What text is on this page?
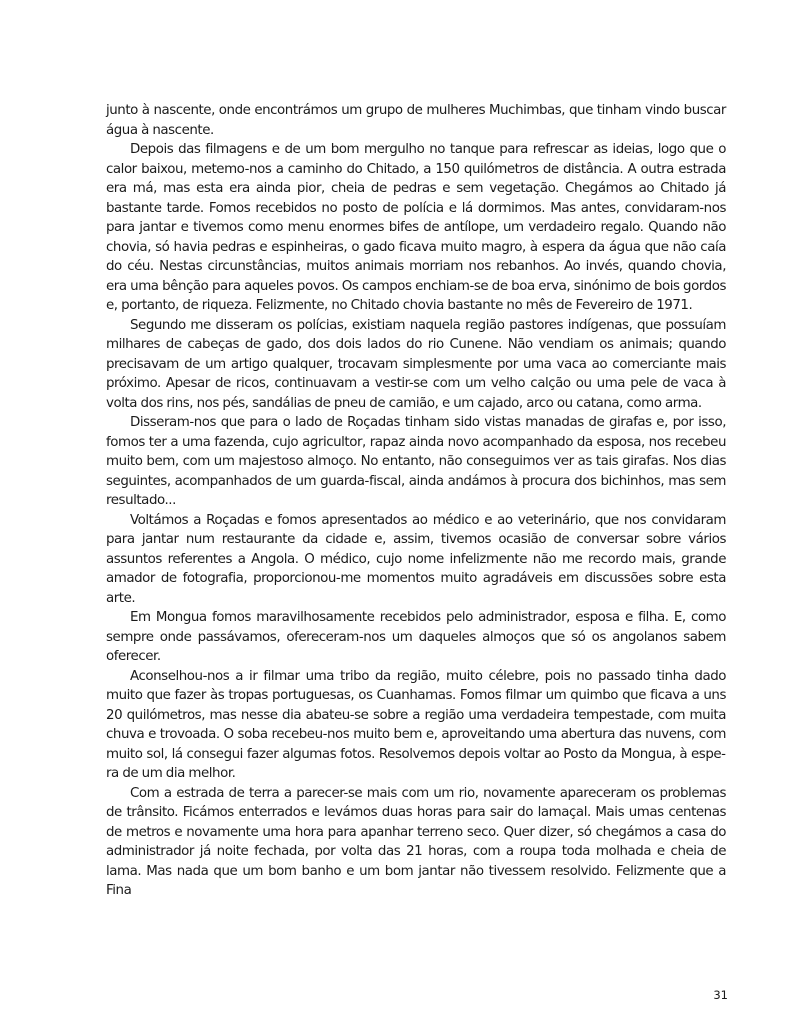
junto à nascente, onde encontrámos um grupo de mulheres Muchimbas, que tinham vindo buscar água à nascente.

Depois das filmagens e de um bom mergulho no tanque para refrescar as ideias, logo que o calor baixou, metemo-nos a caminho do Chitado, a 150 quilómetros de distância. A outra estrada era má, mas esta era ainda pior, cheia de pedras e sem vegetação. Chegámos ao Chitado já bastante tarde. Fomos recebidos no posto de polícia e lá dormimos. Mas antes, convidaram-nos para jantar e tivemos como menu enormes bifes de antílope, um verdadeiro regalo. Quando não chovia, só havia pedras e espinheiras, o gado ficava muito magro, à espera da água que não caía do céu. Nestas circunstâncias, muitos animais morriam nos rebanhos. Ao invés, quando chovia, era uma bênção para aqueles povos. Os campos enchiam-se de boa erva, sinónimo de bois gordos e, portanto, de riqueza. Felizmente, no Chitado chovia bastante no mês de Fevereiro de 1971.

Segundo me disseram os polícias, existiam naquela região pastores indígenas, que possuíam milhares de cabeças de gado, dos dois lados do rio Cunene. Não vendiam os animais; quando precisavam de um artigo qualquer, trocavam simplesmente por uma vaca ao comerciante mais próximo. Apesar de ricos, continuavam a vestir-se com um velho calção ou uma pele de vaca à volta dos rins, nos pés, sandálias de pneu de camião, e um cajado, arco ou catana, como arma.

Disseram-nos que para o lado de Roçadas tinham sido vistas manadas de girafas e, por isso, fomos ter a uma fazenda, cujo agricultor, rapaz ainda novo acompanhado da esposa, nos recebeu muito bem, com um majestoso almoço. No entanto, não conseguimos ver as tais girafas. Nos dias seguintes, acompanhados de um guarda-fiscal, ainda andámos à procura dos bichinhos, mas sem resultado...

Voltámos a Roçadas e fomos apresentados ao médico e ao veterinário, que nos convidaram para jantar num restaurante da cidade e, assim, tivemos ocasião de conversar sobre vários assuntos referentes a Angola. O médico, cujo nome infelizmente não me recordo mais, grande amador de fotografia, proporcionou-me momentos muito agradáveis em discussões sobre esta arte.

Em Mongua fomos maravilhosamente recebidos pelo administrador, esposa e filha. E, como sempre onde passávamos, ofereceram-nos um daqueles almoços que só os angolanos sabem oferecer.

Aconselhou-nos a ir filmar uma tribo da região, muito célebre, pois no passado tinha dado muito que fazer às tropas portuguesas, os Cuanhamas. Fomos filmar um quimbo que ficava a uns 20 quilómetros, mas nesse dia abateu-se sobre a região uma verdadeira tempestade, com muita chuva e trovoada. O soba recebeu-nos muito bem e, aproveitando uma abertura das nuvens, com muito sol, lá consegui fazer algumas fotos. Resolvemos depois voltar ao Posto da Mongua, à espera de um dia melhor.

Com a estrada de terra a parecer-se mais com um rio, novamente apareceram os problemas de trânsito. Ficámos enterrados e levámos duas horas para sair do lamaçal. Mais umas centenas de metros e novamente uma hora para apanhar terreno seco. Quer dizer, só chegámos a casa do administrador já noite fechada, por volta das 21 horas, com a roupa toda molhada e cheia de lama. Mas nada que um bom banho e um bom jantar não tivessem resolvido. Felizmente que a Fina

31
